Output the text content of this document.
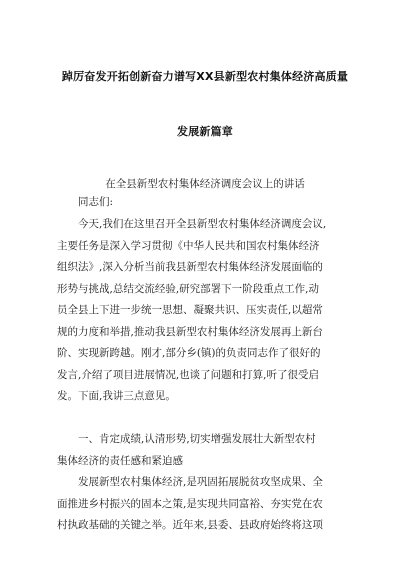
踔厉奋发开拓创新奋力谱写XX县新型农村集体经济高质量
发展新篇章
在全县新型农村集体经济调度会议上的讲话
同志们:
今天,我们在这里召开全县新型农村集体经济调度会议,
主要任务是深入学习贯彻《中华人民共和国农村集体经济
组织法》,深入分析当前我县新型农村集体经济发展面临的
形势与挑战,总结交流经验,研究部署下一阶段重点工作,动
员全县上下进一步统一思想、凝聚共识、压实责任,以超常
规的力度和举措,推动我县新型农村集体经济发展再上新台
阶、实现新跨越。刚才,部分乡(镇)的负责同志作了很好的
发言,介绍了项目进展情况,也谈了问题和打算,听了很受启
发。下面,我讲三点意见。
一、肯定成绩,认清形势,切实增强发展壮大新型农村
集体经济的责任感和紧迫感
发展新型农村集体经济,是巩固拓展脱贫攻坚成果、全
面推进乡村振兴的固本之策,是实现共同富裕、夯实党在农
村执政基础的关键之举。近年来,县委、县政府始终将这项
